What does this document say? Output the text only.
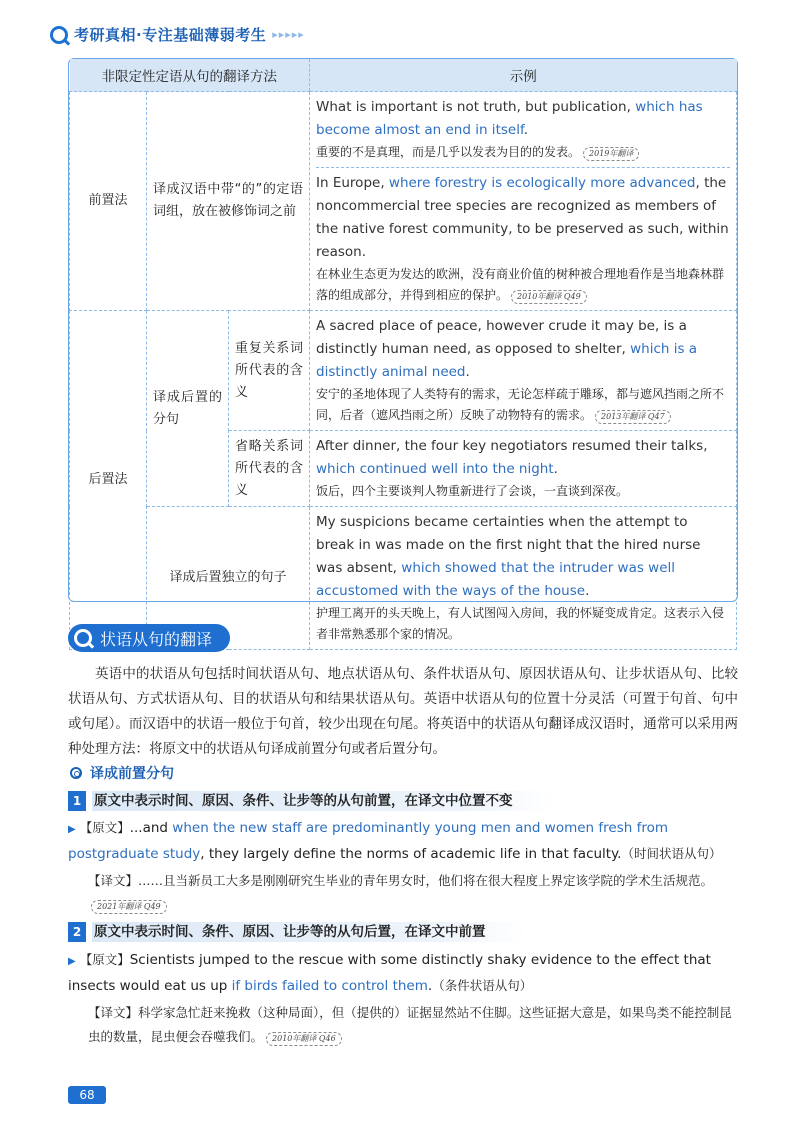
考研真相·专注基础薄弱考生 ▸▸▸▸▸
非限定性定语从句的翻译方法			示例
前置法	译成汉语中带“的”的定语词组，放在被修饰词之前		What is important is not truth, but publication, which has become almost an end in itself.
重要的不是真理，而是几乎以发表为目的的发表。 2019年翻译
In Europe, where forestry is ecologically more advanced, the noncommercial tree species are recognized as members of the native forest community, to be preserved as such, within reason.
在林业生态更为发达的欧洲，没有商业价值的树种被合理地看作是当地森林群落的组成部分，并得到相应的保护。 2010年翻译 Q49

后置法	译成后置的分句	重复关系词所代表的含义	A sacred place of peace, however crude it may be, is a distinctly human need, as opposed to shelter, which is a distinctly animal need.
安宁的圣地体现了人类特有的需求，无论怎样疏于雕琢，都与遮风挡雨之所不同，后者（遮风挡雨之所）反映了动物特有的需求。 2013年翻译 Q47

		省略关系词所代表的含义	After dinner, the four key negotiators resumed their talks, which continued well into the night.
饭后，四个主要谈判人物重新进行了会谈，一直谈到深夜。

	译成后置独立的句子		My suspicions became certainties when the attempt to break in was made on the first night that the hired nurse was absent, which showed that the intruder was well accustomed with the ways of the house.
护理工离开的头天晚上，有人试图闯入房间，我的怀疑变成肯定。这表示入侵者非常熟悉那个家的情况。
状语从句的翻译
英语中的状语从句包括时间状语从句、地点状语从句、条件状语从句、原因状语从句、让步状语从句、比较状语从句、方式状语从句、目的状语从句和结果状语从句。英语中状语从句的位置十分灵活（可置于句首、句中或句尾）。而汉语中的状语一般位于句首，较少出现在句尾。将英语中的状语从句翻译成汉语时，通常可以采用两种处理方法：将原文中的状语从句译成前置分句或者后置分句。
译成前置分句
1 原文中表示时间、原因、条件、让步等的从句前置，在译文中位置不变
▶ 【原文】...and when the new staff are predominantly young men and women fresh from postgraduate study, they largely define the norms of academic life in that faculty.（时间状语从句）
【译文】……且当新员工大多是刚刚研究生毕业的青年男女时，他们将在很大程度上界定该学院的学术生活规范。2021年翻译 Q49
2 原文中表示时间、条件、原因、让步等的从句后置，在译文中前置
▶ 【原文】Scientists jumped to the rescue with some distinctly shaky evidence to the effect that insects would eat us up if birds failed to control them.（条件状语从句）
【译文】科学家急忙赶来挽救（这种局面），但（提供的）证据显然站不住脚。这些证据大意是，如果鸟类不能控制昆虫的数量，昆虫便会吞噬我们。 2010年翻译 Q46
68
